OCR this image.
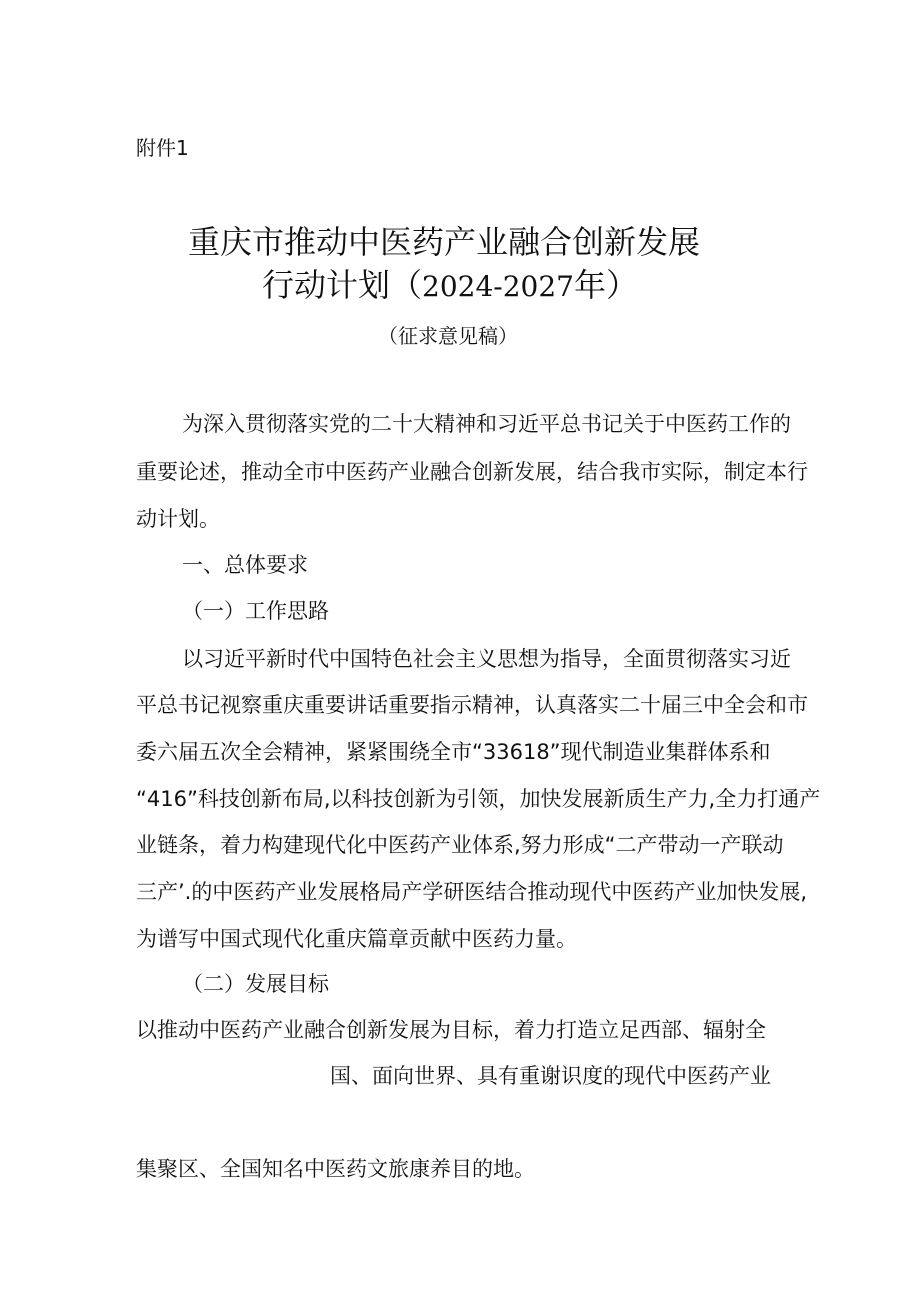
附件1
重庆市推动中医药产业融合创新发展
行动计划（2024-2027年）
（征求意见稿）
为深入贯彻落实党的二十大精神和习近平总书记关于中医药工作的
重要论述，推动全市中医药产业融合创新发展，结合我市实际，制定本行
动计划。
一、总体要求
（一）工作思路
以习近平新时代中国特色社会主义思想为指导，全面贯彻落实习近
平总书记视察重庆重要讲话重要指示精神，认真落实二十届三中全会和市
委六届五次全会精神，紧紧围绕全市“33618”现代制造业集群体系和
“416”科技创新布局,以科技创新为引领，加快发展新质生产力,全力打通产
业链条，着力构建现代化中医药产业体系,努力形成“二产带动一产联动
三产’.的中医药产业发展格局产学研医结合推动现代中医药产业加快发展,
为谱写中国式现代化重庆篇章贡献中医药力量。
（二）发展目标
以推动中医药产业融合创新发展为目标，着力打造立足西部、辐射全
国、面向世界、具有重谢识度的现代中医药产业
集聚区、全国知名中医药文旅康养目的地。
